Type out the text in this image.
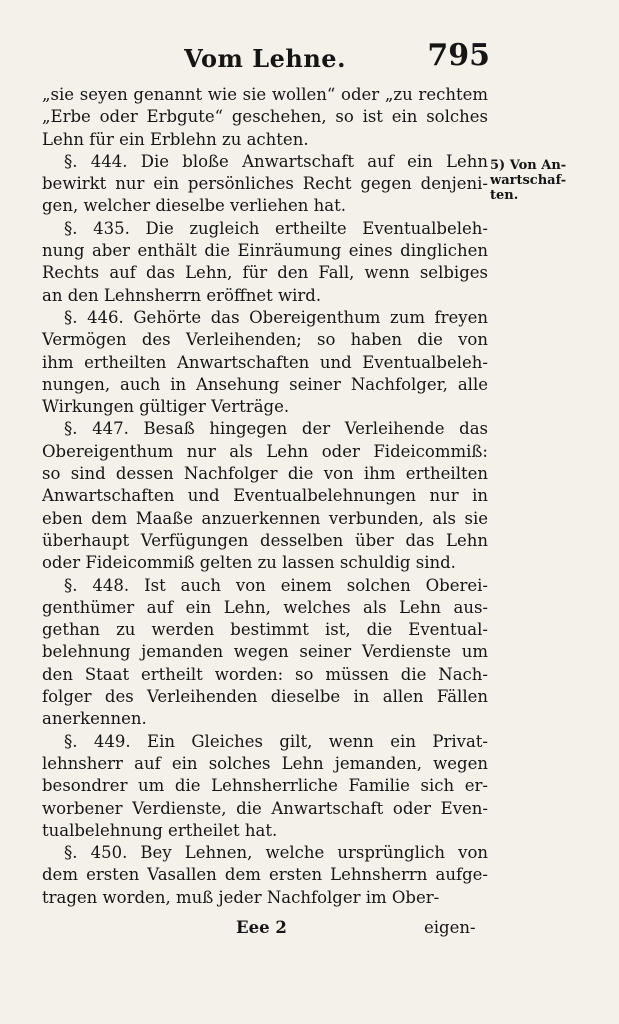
Vom Lehne.	795
„sie seyen genannt wie sie wollen“ oder „zu rechtem
„Erbe oder Erbgute“ geschehen, so ist ein solches
Lehn für ein Erblehn zu achten.
§. 444. Die bloße Anwartschaft auf ein Lehn
bewirkt nur ein persönliches Recht gegen denjeni-
gen, welcher dieselbe verliehen hat.
§. 435. Die zugleich ertheilte Eventualbeleh-
nung aber enthält die Einräumung eines dinglichen
Rechts auf das Lehn, für den Fall, wenn selbiges
an den Lehnsherrn eröffnet wird.
§. 446. Gehörte das Obereigenthum zum freyen
Vermögen des Verleihenden; so haben die von
ihm ertheilten Anwartschaften und Eventualbeleh-
nungen, auch in Ansehung seiner Nachfolger, alle
Wirkungen gültiger Verträge.
§. 447. Besaß hingegen der Verleihende das
Obereigenthum nur als Lehn oder Fideicommiß:
so sind dessen Nachfolger die von ihm ertheilten
Anwartschaften und Eventualbelehnungen nur in
eben dem Maaße anzuerkennen verbunden, als sie
überhaupt Verfügungen desselben über das Lehn
oder Fideicommiß gelten zu lassen schuldig sind.
§. 448. Ist auch von einem solchen Oberei-
genthümer auf ein Lehn, welches als Lehn aus-
gethan zu werden bestimmt ist, die Eventual-
belehnung jemanden wegen seiner Verdienste um
den Staat ertheilt worden: so müssen die Nach-
folger des Verleihenden dieselbe in allen Fällen
anerkennen.
§. 449. Ein Gleiches gilt, wenn ein Privat-
lehnsherr auf ein solches Lehn jemanden, wegen
besondrer um die Lehnsherrliche Familie sich er-
worbener Verdienste, die Anwartschaft oder Even-
tualbelehnung ertheilet hat.
§. 450. Bey Lehnen, welche ursprünglich von
dem ersten Vasallen dem ersten Lehnsherrn aufge-
tragen worden, muß jeder Nachfolger im Ober-
5) Von An-
wartschaf-
ten.
Eee 2	eigen-
